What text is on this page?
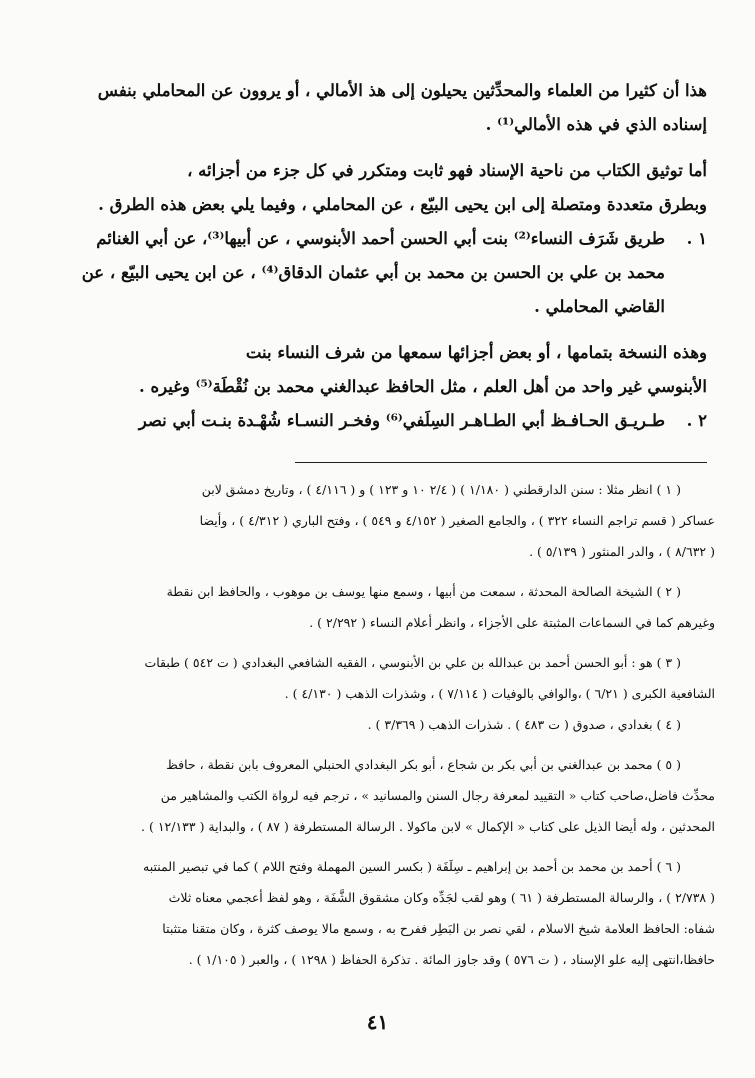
هذا أن كثيرا من العلماء والمحدِّثين يحيلون إلى هذ الأمالي ، أو يروون عن المحاملي بنفس

إسناده الذي في هذه الأمالي⁽¹⁾ .

أما توثيق الكتاب من ناحية الإسناد فهو ثابت ومتكرر في كل جزء من أجزائه ،

وبطرق متعددة ومتصلة إلى ابن يحيى البيّع ، عن المحاملي ، وفيما يلي بعض هذه الطرق .

١ .

طريق شَرَف النساء⁽²⁾ بنت أبي الحسن أحمد الأبنوسي ، عن أبيها⁽³⁾، عن أبي الغنائم

محمد بن علي بن الحسن بن محمد بن أبي عثمان الدقاق⁽⁴⁾ ، عن ابن يحيى البيّع ، عن

القاضي المحاملي .

وهذه النسخة بتمامها ، أو بعض أجزائها سمعها من شرف النساء بنت

الأبنوسي غير واحد من أهل العلم ، مثل الحافظ عبدالغني محمد بن نُقْطَة⁽⁵⁾ وغيره .

٢ .

طـريـق الحـافـظ أبي الطـاهـر السِلَفي⁽⁶⁾ وفخـر النسـاء شُهْـدة بنـت أبي نصر

( ١ ) انظر مثلا : سنن الدارقطني ( ١/١٨٠ ) ( ٢/٤ ١٠ و ١٢٣ ) و ( ٤/١١٦ ) ، وتاريخ دمشق لابن

عساكر ( قسم تراجم النساء ٣٢٢ ) ، والجامع الصغير ( ٤/١٥٢ و ٥٤٩ ) ، وفتح الباري ( ٤/٣١٢ ) ، وأيضا

( ٨/٦٣٢ ) ، والدر المنثور ( ٥/١٣٩ ) .

( ٢ ) الشيخة الصالحة المحدثة ، سمعت من أبيها ، وسمع منها يوسف بن موهوب ، والحافظ ابن نقطة

وغيرهم كما في السماعات المثبتة على الأجزاء ، وانظر أعلام النساء ( ٢/٢٩٢ ) .

( ٣ ) هو : أبو الحسن أحمد بن عبدالله بن علي بن الأبنوسي ، الفقيه الشافعي البغدادي ( ت ٥٤٢ ) طبقات

الشافعية الكبرى ( ٦/٢١ ) ،والوافي بالوفيات ( ٧/١١٤ ) ، وشذرات الذهب ( ٤/١٣٠ ) .

( ٤ ) بغدادي ، صدوق ( ت ٤٨٣ ) . شذرات الذهب ( ٣/٣٦٩ ) .

( ٥ ) محمد بن عبدالغني بن أبي بكر بن شجاع ، أبو بكر البغدادي الحنبلي المعروف بابن نقطة ، حافظ

محدِّث فاضل،صاحب كتاب « التقييد لمعرفة رجال السنن والمسانيد » ، ترجم فيه لرواة الكتب والمشاهير من

المحدثين ، وله أيضا الذيل على كتاب « الإكمال » لابن ماكولا . الرسالة المستطرفة ( ٨٧ ) ، والبداية ( ١٢/١٣٣ ) .

( ٦ ) أحمد بن محمد بن أحمد بن إبراهيم ـ سِلَفَة ( بكسر السين المهملة وفتح اللام ) كما في تبصير المنتبه

( ٢/٧٣٨ ) ، والرسالة المستطرفة ( ٦١ ) وهو لقب لجَدِّه وكان مشقوق الشَّفَة ، وهو لفظ أعجمي معناه ثلاث

شفاه: الحافظ العلامة شيخ الاسلام ، لقي نصر بن البَطِر ففرح به ، وسمع مالا يوصف كثرة ، وكان متقنا متثبتا

حافظا،انتهى إليه علو الإسناد ، ( ت ٥٧٦ ) وقد جاوز المائة . تذكرة الحفاظ ( ١٢٩٨ ) ، والعبر ( ١/١٠٥ ) .

٤١
